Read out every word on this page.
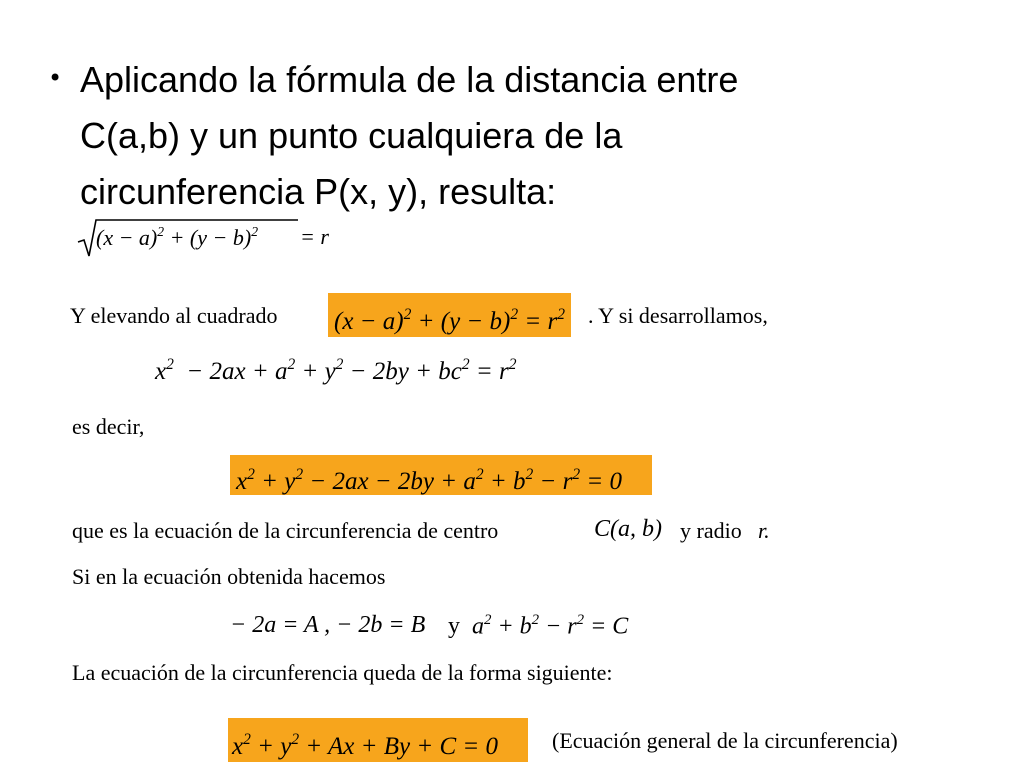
• Aplicando la fórmula de la distancia entre
C(a,b) y un punto cualquiera de la
circunferencia P(x, y), resulta:
$(x - a)^2 + (y - b)^2 = r$
Y elevando al cuadrado $(x - a)^2 + (y - b)^2 = r^2$ . Y si desarrollamos,
$x^2 - 2ax + a^2 + y^2 - 2by + bc^2 = r^2$
es decir,
$x^2 + y^2 - 2ax - 2by + a^2 + b^2 - r^2 = 0$
que es la ecuación de la circunferencia de centro	C(a, b) y radio r.
Si en la ecuación obtenida hacemos
− 2a = A , − 2b = B y $a^2 + b^2 - r^2 = C$
La ecuación de la circunferencia queda de la forma siguiente:
$x^2 + y^2 + Ax + By + C = 0$	(Ecuación general de la circunferencia)
